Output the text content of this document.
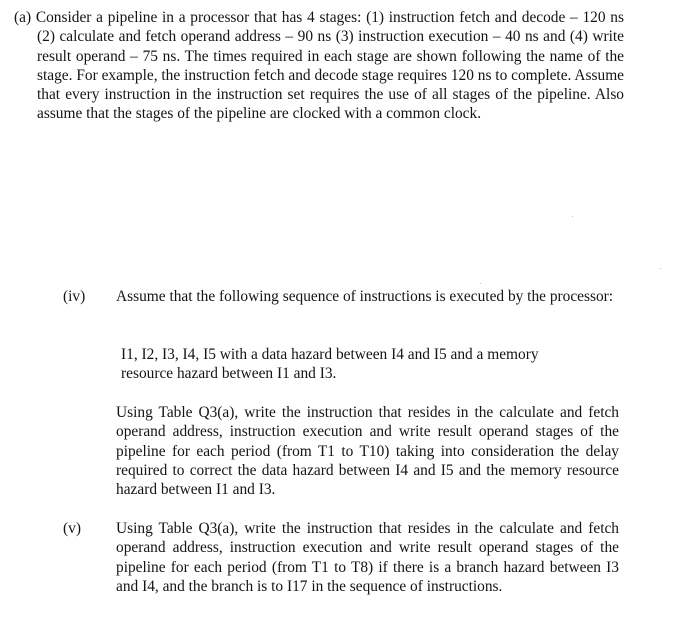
(a) Consider a pipeline in a processor that has 4 stages: (1) instruction fetch and decode – 120 ns (2) calculate and fetch operand address – 90 ns (3) instruction execution – 40 ns and (4) write result operand – 75 ns. The times required in each stage are shown following the name of the stage. For example, the instruction fetch and decode stage requires 120 ns to complete. Assume that every instruction in the instruction set requires the use of all stages of the pipeline. Also assume that the stages of the pipeline are clocked with a common clock.

(iv) Assume that the following sequence of instructions is executed by the processor:

I1, I2, I3, I4, I5 with a data hazard between I4 and I5 and a memory resource hazard between I1 and I3.

Using Table Q3(a), write the instruction that resides in the calculate and fetch operand address, instruction execution and write result operand stages of the pipeline for each period (from T1 to T10) taking into consideration the delay required to correct the data hazard between I4 and I5 and the memory resource hazard between I1 and I3.

(v) Using Table Q3(a), write the instruction that resides in the calculate and fetch operand address, instruction execution and write result operand stages of the pipeline for each period (from T1 to T8) if there is a branch hazard between I3 and I4, and the branch is to I17 in the sequence of instructions.
